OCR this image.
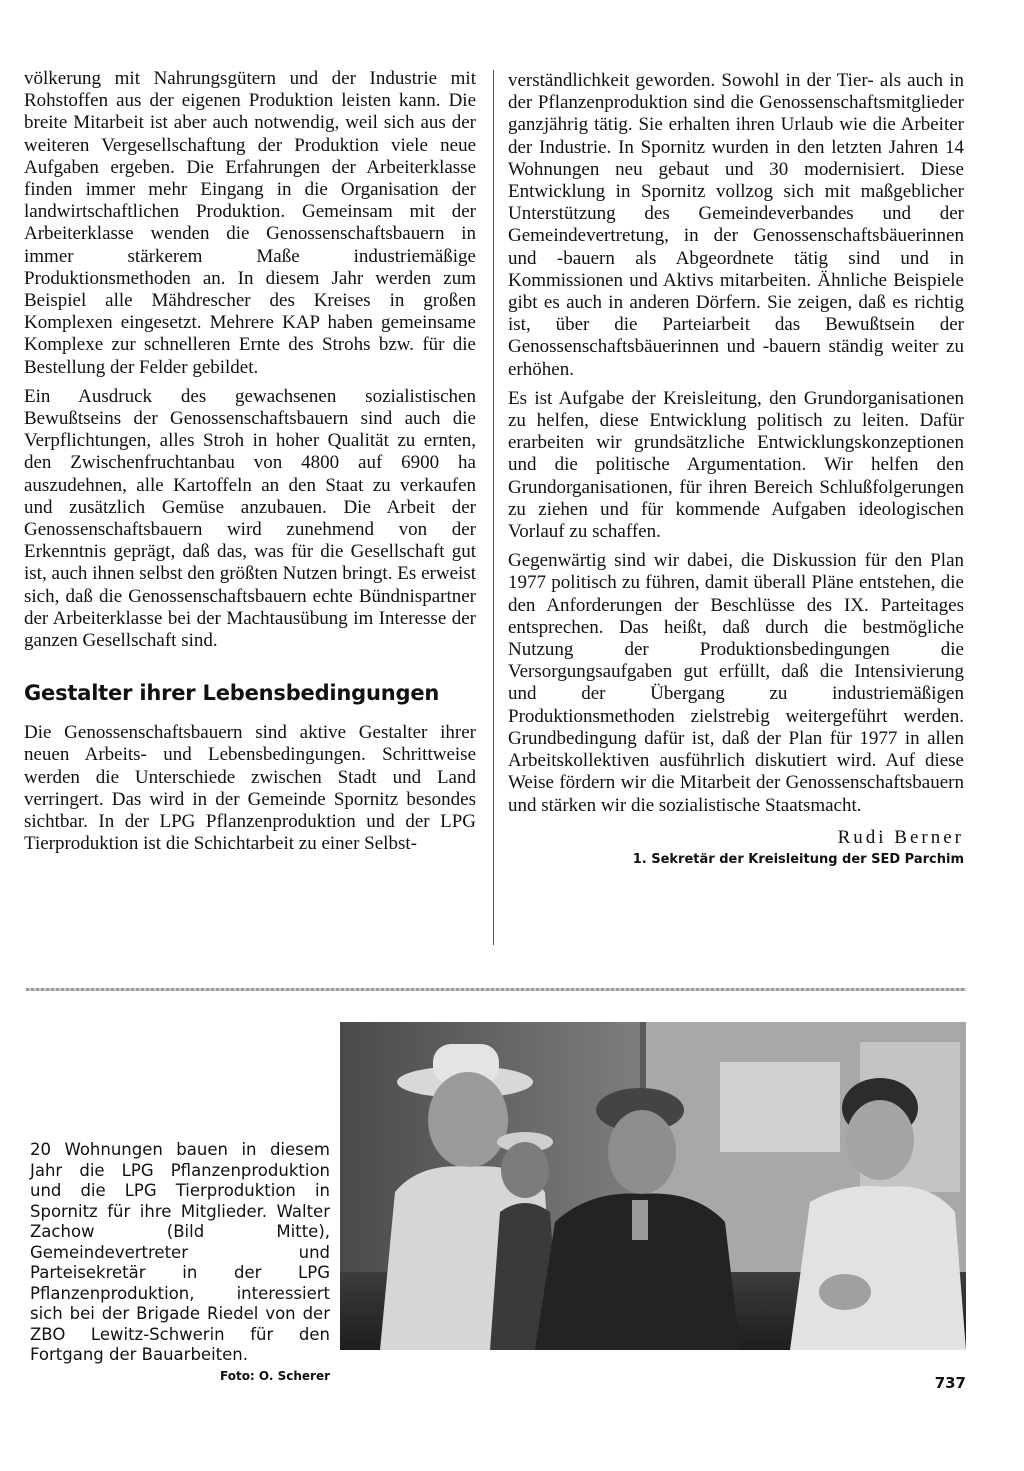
völkerung mit Nahrungsgütern und der Industrie mit Rohstoffen aus der eigenen Produktion leisten kann. Die breite Mitarbeit ist aber auch notwendig, weil sich aus der weiteren Vergesellschaftung der Produktion viele neue Aufgaben ergeben. Die Erfahrungen der Arbeiterklasse finden immer mehr Eingang in die Organisation der landwirtschaftlichen Produktion. Gemeinsam mit der Arbeiterklasse wenden die Genossenschaftsbauern in immer stärkerem Maße industriemäßige Produktionsmethoden an. In diesem Jahr werden zum Beispiel alle Mähdrescher des Kreises in großen Komplexen eingesetzt. Mehrere KAP haben gemeinsame Komplexe zur schnelleren Ernte des Strohs bzw. für die Bestellung der Felder gebildet.

Ein Ausdruck des gewachsenen sozialistischen Bewußtseins der Genossenschaftsbauern sind auch die Verpflichtungen, alles Stroh in hoher Qualität zu ernten, den Zwischenfruchtanbau von 4800 auf 6900 ha auszudehnen, alle Kartoffeln an den Staat zu verkaufen und zusätzlich Gemüse anzubauen. Die Arbeit der Genossenschaftsbauern wird zunehmend von der Erkenntnis geprägt, daß das, was für die Gesellschaft gut ist, auch ihnen selbst den größten Nutzen bringt. Es erweist sich, daß die Genossenschaftsbauern echte Bündnispartner der Arbeiterklasse bei der Machtausübung im Interesse der ganzen Gesellschaft sind.

Gestalter ihrer Lebensbedingungen

Die Genossenschaftsbauern sind aktive Gestalter ihrer neuen Arbeits- und Lebensbedingungen. Schrittweise werden die Unterschiede zwischen Stadt und Land verringert. Das wird in der Gemeinde Spornitz besondes sichtbar. In der LPG Pflanzenproduktion und der LPG Tierproduktion ist die Schichtarbeit zu einer Selbst-

verständlichkeit geworden. Sowohl in der Tier- als auch in der Pflanzenproduktion sind die Genossenschaftsmitglieder ganzjährig tätig. Sie erhalten ihren Urlaub wie die Arbeiter der Industrie. In Spornitz wurden in den letzten Jahren 14 Wohnungen neu gebaut und 30 modernisiert. Diese Entwicklung in Spornitz vollzog sich mit maßgeblicher Unterstützung des Gemeindeverbandes und der Gemeindevertretung, in der Genossenschaftsbäuerinnen und -bauern als Abgeordnete tätig sind und in Kommissionen und Aktivs mitarbeiten. Ähnliche Beispiele gibt es auch in anderen Dörfern. Sie zeigen, daß es richtig ist, über die Parteiarbeit das Bewußtsein der Genossenschaftsbäuerinnen und -bauern ständig weiter zu erhöhen.

Es ist Aufgabe der Kreisleitung, den Grundorganisationen zu helfen, diese Entwicklung politisch zu leiten. Dafür erarbeiten wir grundsätzliche Entwicklungskonzeptionen und die politische Argumentation. Wir helfen den Grundorganisationen, für ihren Bereich Schlußfolgerungen zu ziehen und für kommende Aufgaben ideologischen Vorlauf zu schaffen.

Gegenwärtig sind wir dabei, die Diskussion für den Plan 1977 politisch zu führen, damit überall Pläne entstehen, die den Anforderungen der Beschlüsse des IX. Parteitages entsprechen. Das heißt, daß durch die bestmögliche Nutzung der Produktionsbedingungen die Versorgungsaufgaben gut erfüllt, daß die Intensivierung und der Übergang zu industriemäßigen Produktionsmethoden zielstrebig weitergeführt werden. Grundbedingung dafür ist, daß der Plan für 1977 in allen Arbeitskollektiven ausführlich diskutiert wird. Auf diese Weise fördern wir die Mitarbeit der Genossenschaftsbauern und stärken wir die sozialistische Staatsmacht.

Rudi Berner
1. Sekretär der Kreisleitung der SED Parchim
20 Wohnungen bauen in diesem Jahr die LPG Pflanzenproduktion und die LPG Tierproduktion in Spornitz für ihre Mitglieder. Walter Zachow (Bild Mitte), Gemeindevertreter und Parteisekretär in der LPG Pflanzenproduktion, interessiert sich bei der Brigade Riedel von der ZBO Lewitz-Schwerin für den Fortgang der Bauarbeiten.
Foto: O. Scherer	737
